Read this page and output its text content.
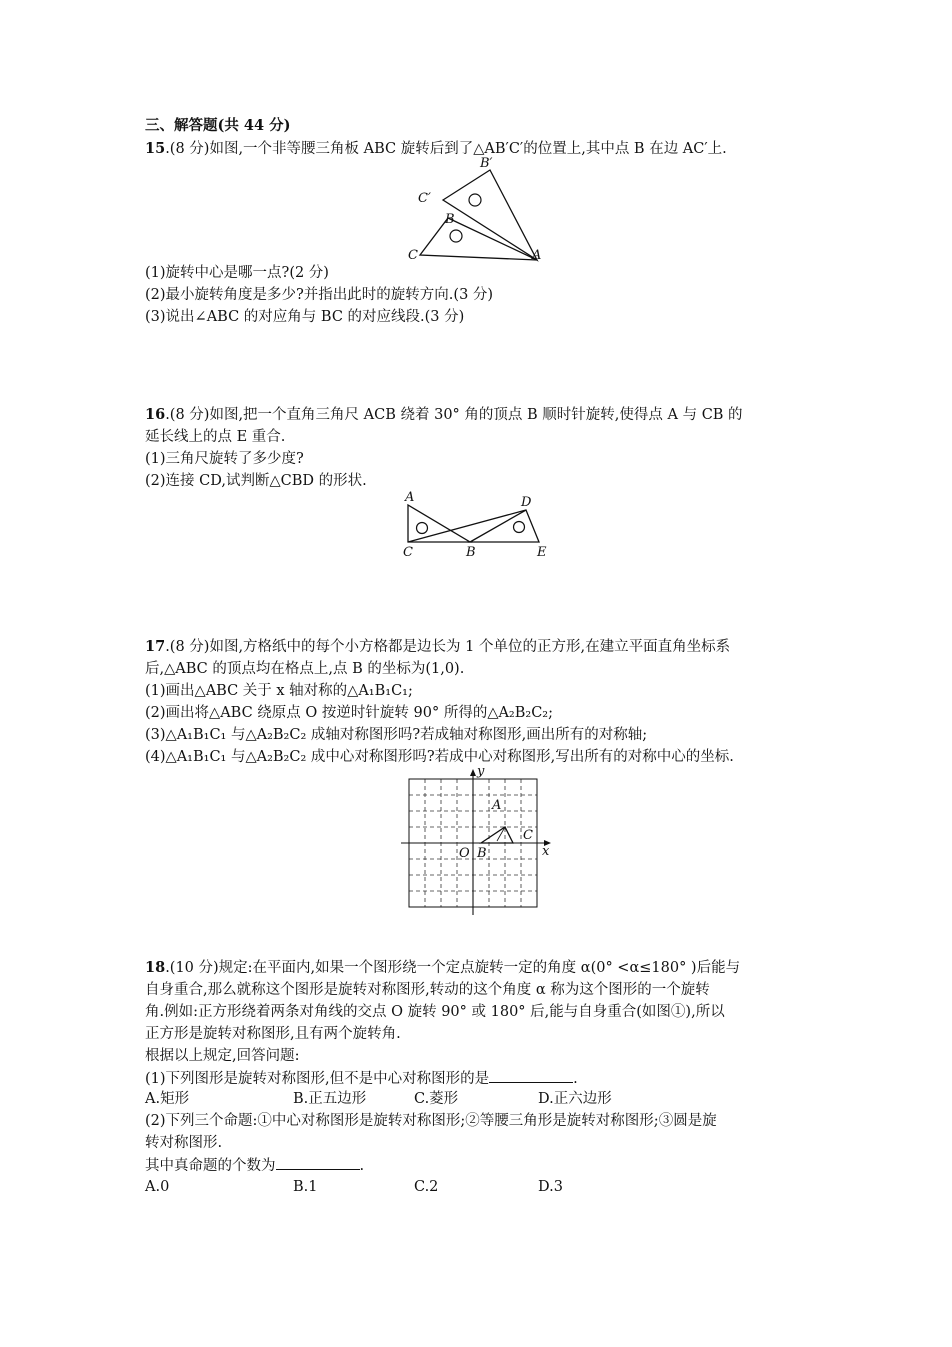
三、解答题(共 44 分)
15.(8 分)如图,一个非等腰三角板 ABC 旋转后到了△AB′C′的位置上,其中点 B 在边 AC′上.
B′
C′
B
C	A
(1)旋转中心是哪一点?(2 分)
(2)最小旋转角度是多少?并指出此时的旋转方向.(3 分)
(3)说出∠ABC 的对应角与 BC 的对应线段.(3 分)
16.(8 分)如图,把一个直角三角尺 ACB 绕着 30° 角的顶点 B 顺时针旋转,使得点 A 与 CB 的
延长线上的点 E 重合.
(1)三角尺旋转了多少度?
(2)连接 CD,试判断△CBD 的形状.
A	D
C	B	E
17.(8 分)如图,方格纸中的每个小方格都是边长为 1 个单位的正方形,在建立平面直角坐标系
后,△ABC 的顶点均在格点上,点 B 的坐标为(1,0).
(1)画出△ABC 关于 x 轴对称的△A₁B₁C₁;
(2)画出将△ABC 绕原点 O 按逆时针旋转 90° 所得的△A₂B₂C₂;
(3)△A₁B₁C₁ 与△A₂B₂C₂ 成轴对称图形吗?若成轴对称图形,画出所有的对称轴;
(4)△A₁B₁C₁ 与△A₂B₂C₂ 成中心对称图形吗?若成中心对称图形,写出所有的对称中心的坐标.
y
x
O B
A
C
18.(10 分)规定:在平面内,如果一个图形绕一个定点旋转一定的角度 α(0° <α≤180° )后能与
自身重合,那么就称这个图形是旋转对称图形,转动的这个角度 α 称为这个图形的一个旋转
角.例如:正方形绕着两条对角线的交点 O 旋转 90° 或 180° 后,能与自身重合(如图①),所以
正方形是旋转对称图形,且有两个旋转角.
根据以上规定,回答问题:
(1)下列图形是旋转对称图形,但不是中心对称图形的是	.
A.矩形	B.正五边形	C.菱形	D.正六边形
(2)下列三个命题:①中心对称图形是旋转对称图形;②等腰三角形是旋转对称图形;③圆是旋
转对称图形.
其中真命题的个数为	.
A.0	B.1	C.2	D.3
